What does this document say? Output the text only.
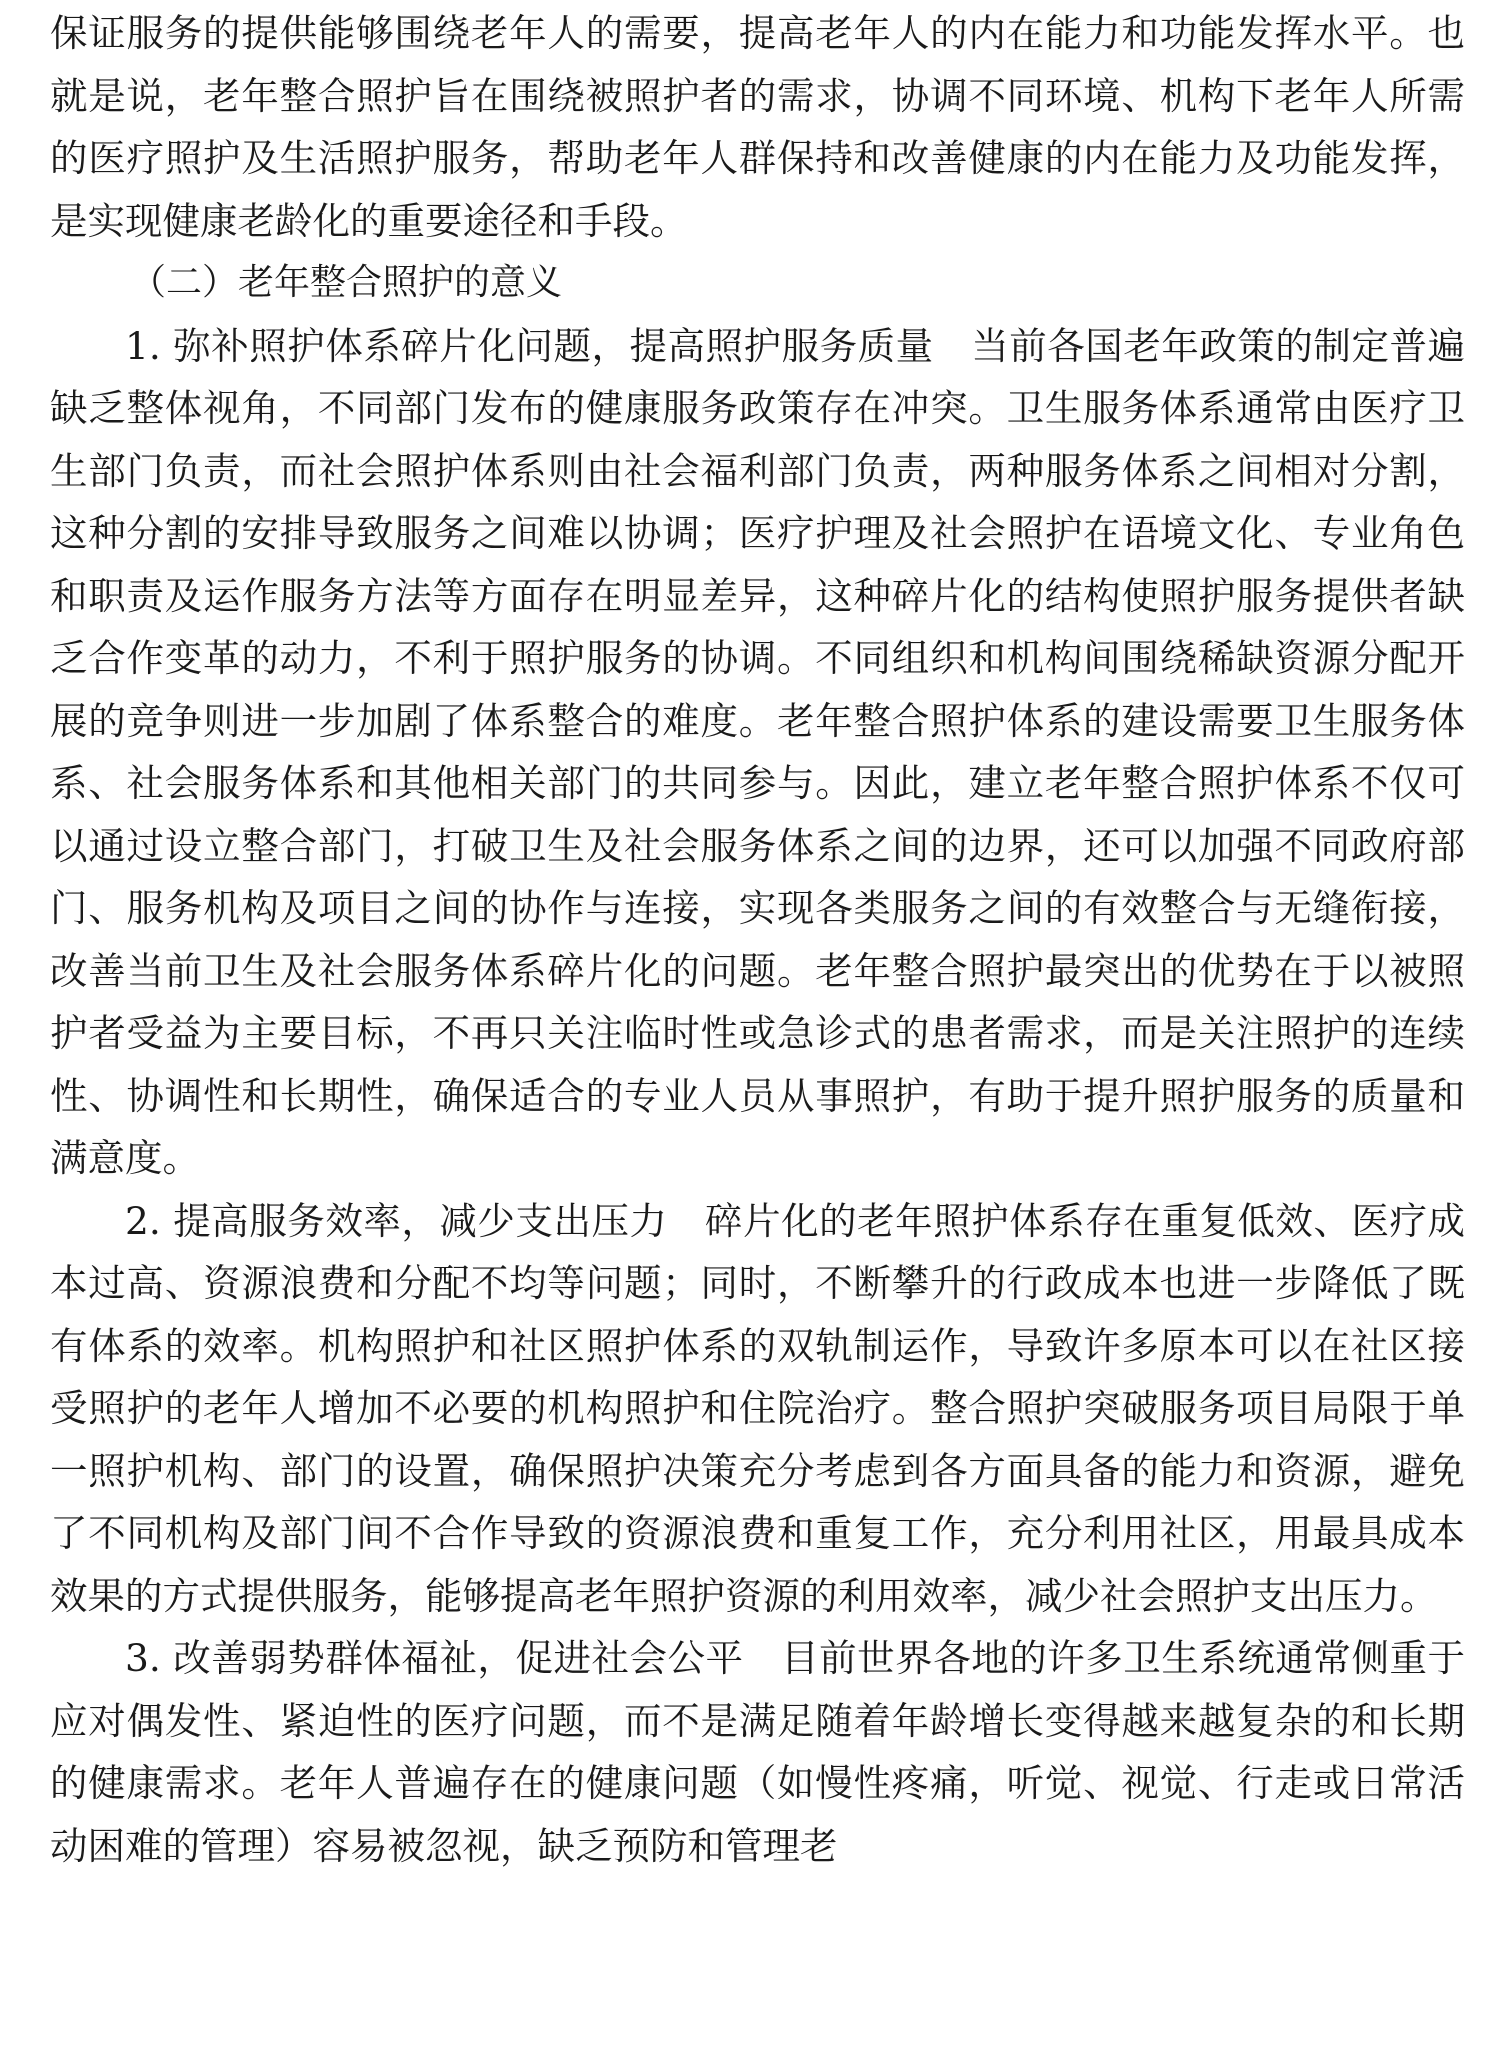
保证服务的提供能够围绕老年人的需要，提高老年人的内在能力和功能发挥水平。也就是说，老年整合照护旨在围绕被照护者的需求，协调不同环境、机构下老年人所需的医疗照护及生活照护服务，帮助老年人群保持和改善健康的内在能力及功能发挥，是实现健康老龄化的重要途径和手段。

（二）老年整合照护的意义

1. 弥补照护体系碎片化问题，提高照护服务质量 当前各国老年政策的制定普遍缺乏整体视角，不同部门发布的健康服务政策存在冲突。卫生服务体系通常由医疗卫生部门负责，而社会照护体系则由社会福利部门负责，两种服务体系之间相对分割，这种分割的安排导致服务之间难以协调；医疗护理及社会照护在语境文化、专业角色和职责及运作服务方法等方面存在明显差异，这种碎片化的结构使照护服务提供者缺乏合作变革的动力，不利于照护服务的协调。不同组织和机构间围绕稀缺资源分配开展的竞争则进一步加剧了体系整合的难度。老年整合照护体系的建设需要卫生服务体系、社会服务体系和其他相关部门的共同参与。因此，建立老年整合照护体系不仅可以通过设立整合部门，打破卫生及社会服务体系之间的边界，还可以加强不同政府部门、服务机构及项目之间的协作与连接，实现各类服务之间的有效整合与无缝衔接，改善当前卫生及社会服务体系碎片化的问题。老年整合照护最突出的优势在于以被照护者受益为主要目标，不再只关注临时性或急诊式的患者需求，而是关注照护的连续性、协调性和长期性，确保适合的专业人员从事照护，有助于提升照护服务的质量和满意度。

2. 提高服务效率，减少支出压力 碎片化的老年照护体系存在重复低效、医疗成本过高、资源浪费和分配不均等问题；同时，不断攀升的行政成本也进一步降低了既有体系的效率。机构照护和社区照护体系的双轨制运作，导致许多原本可以在社区接受照护的老年人增加不必要的机构照护和住院治疗。整合照护突破服务项目局限于单一照护机构、部门的设置，确保照护决策充分考虑到各方面具备的能力和资源，避免了不同机构及部门间不合作导致的资源浪费和重复工作，充分利用社区，用最具成本效果的方式提供服务，能够提高老年照护资源的利用效率，减少社会照护支出压力。

3. 改善弱势群体福祉，促进社会公平 目前世界各地的许多卫生系统通常侧重于应对偶发性、紧迫性的医疗问题，而不是满足随着年龄增长变得越来越复杂的和长期的健康需求。老年人普遍存在的健康问题（如慢性疼痛，听觉、视觉、行走或日常活动困难的管理）容易被忽视，缺乏预防和管理老
